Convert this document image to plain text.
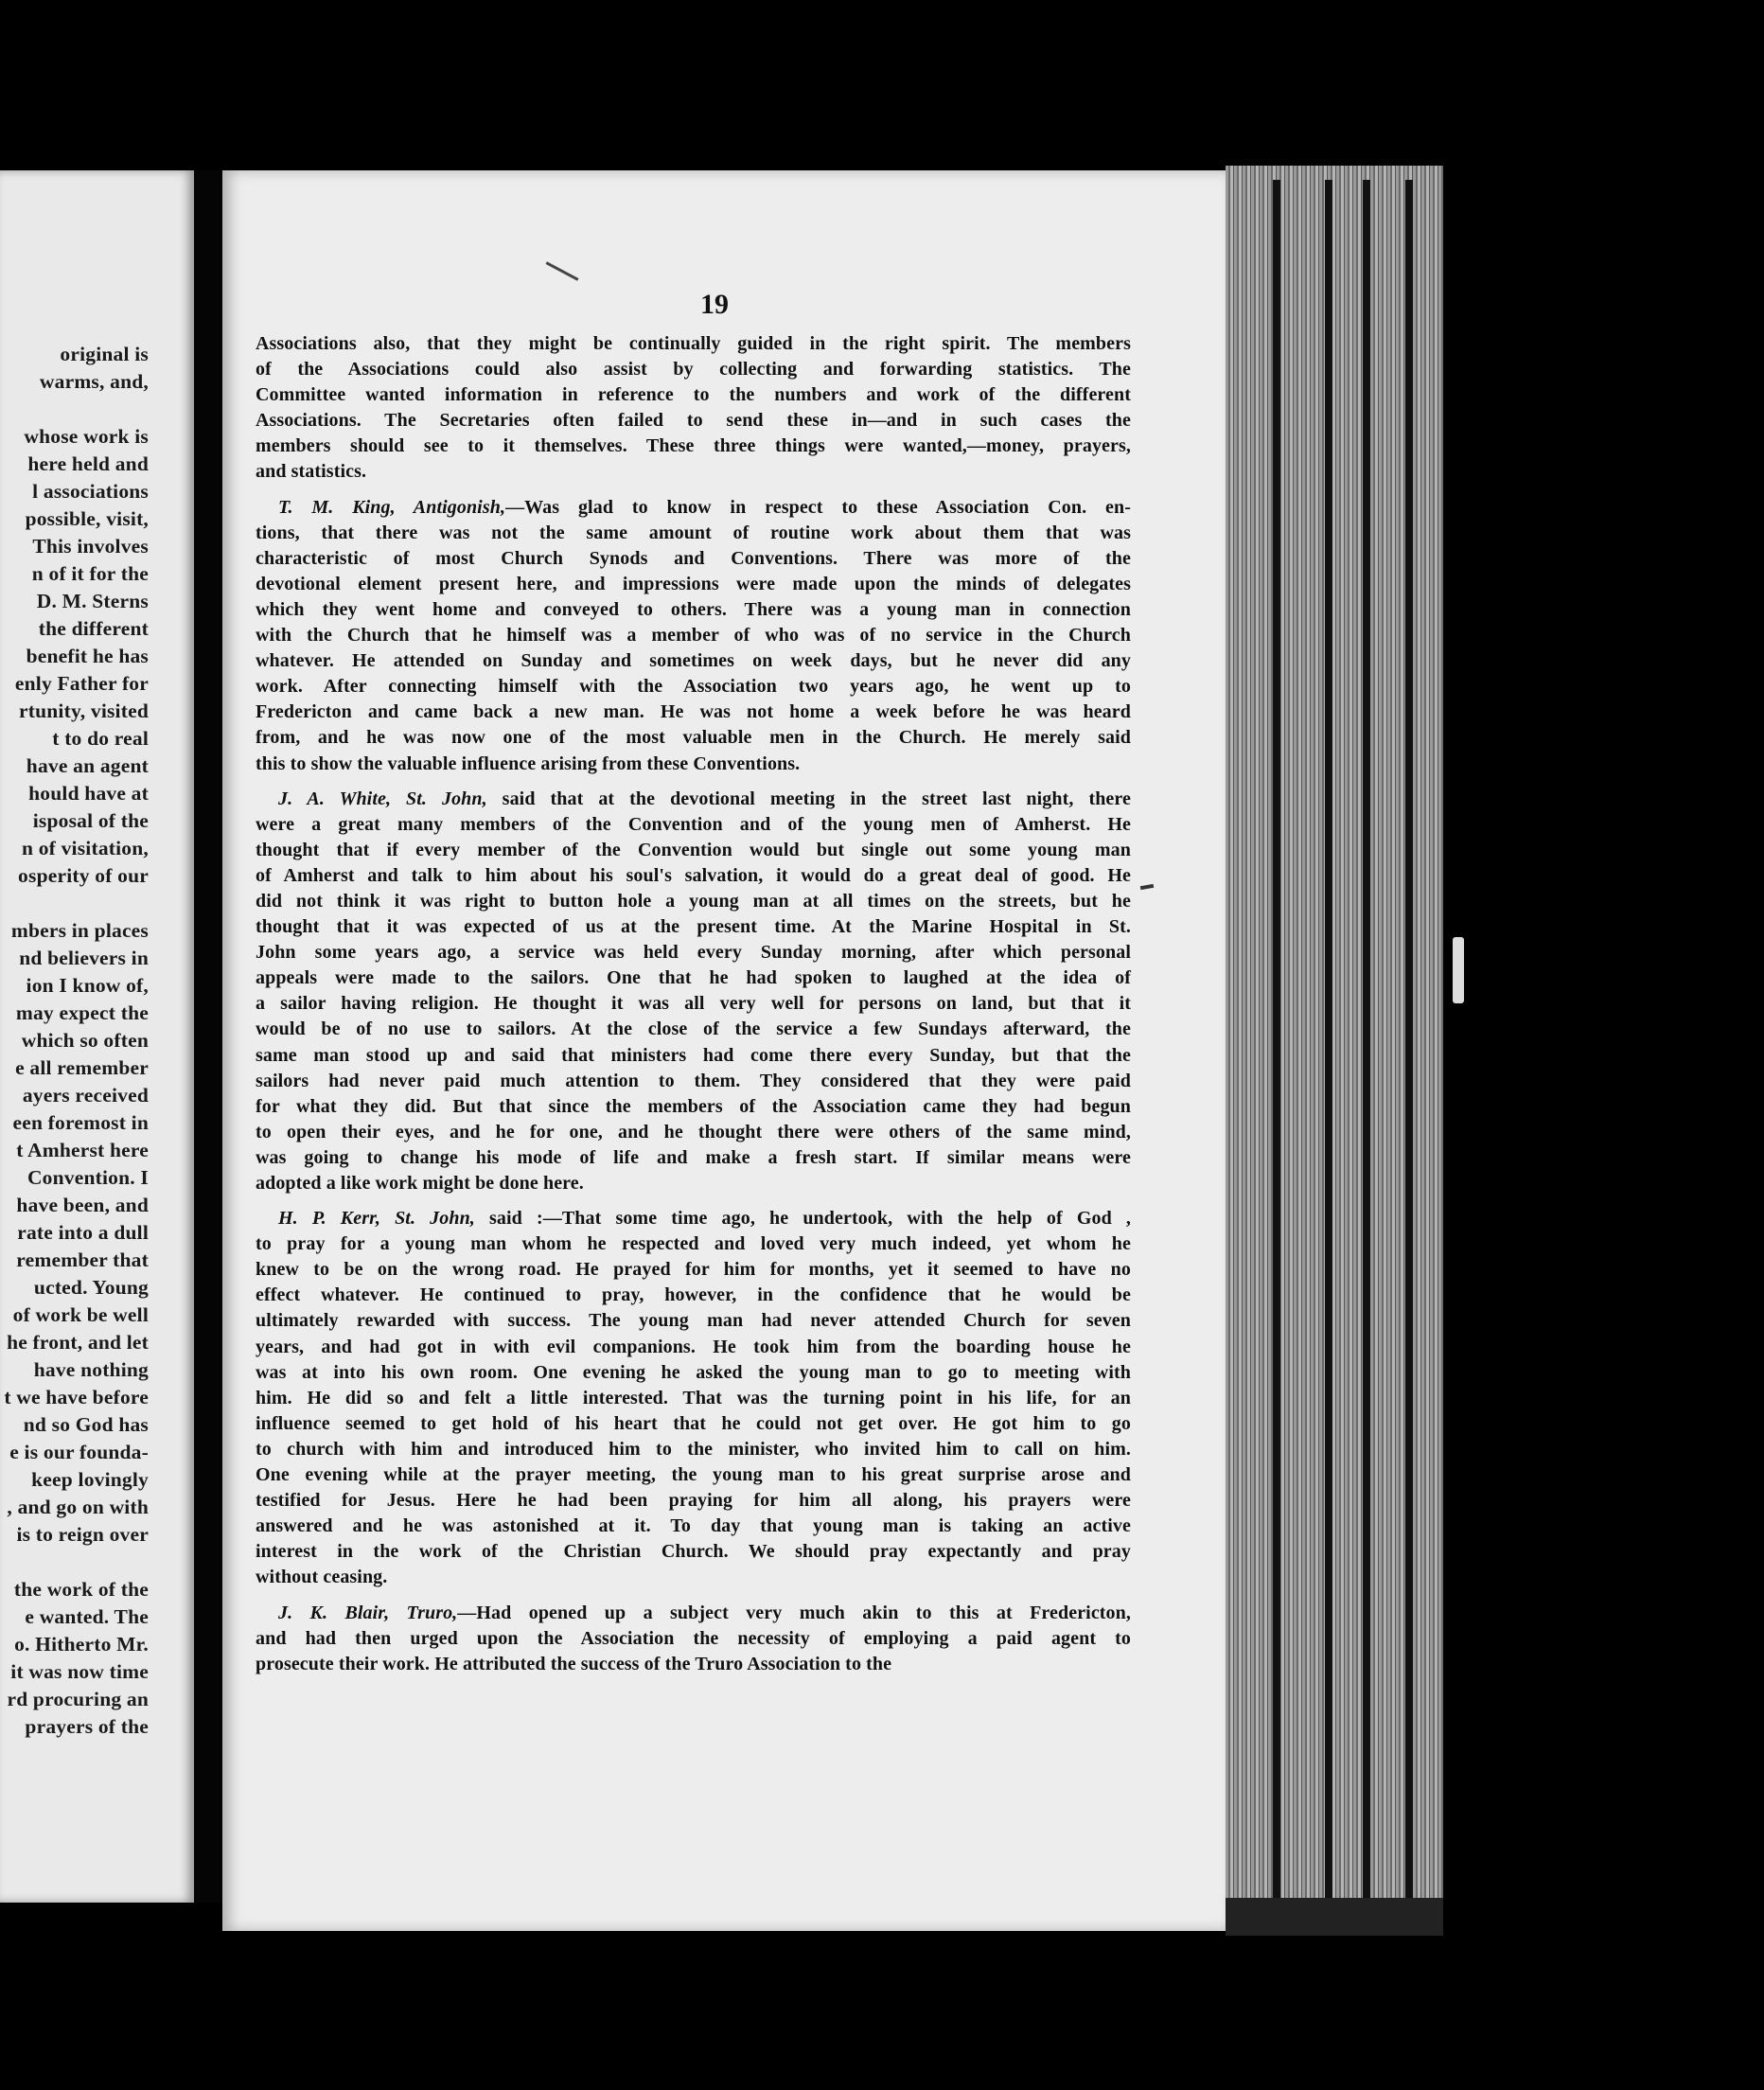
original is
warms, and,
whose work is
here held and
l associations
possible, visit,
This involves
n of it for the
D. M. Sterns
the different
benefit he has
enly Father for
rtunity, visited
t to do real
have an agent
hould have at
isposal of the
n of visitation,
osperity of our
mbers in places
nd believers in
ion I know of,
may expect the
which so often
e all remember
ayers received
een foremost in
t Amherst here
Convention. I
have been, and
rate into a dull
remember that
ucted. Young
of work be well
he front, and let
have nothing
t we have before
nd so God has
e is our founda-
keep lovingly
, and go on with
is to reign over
the work of the
e wanted. The
o. Hitherto Mr.
it was now time
rd procuring an
prayers of the
19
Associations also, that they might be continually guided in the right spirit. The members
of the Associations could also assist by collecting and forwarding statistics. The
Committee wanted information in reference to the numbers and work of the different
Associations. The Secretaries often failed to send these in—and in such cases the
members should see to it themselves. These three things were wanted,—money, prayers,
and statistics.
T. M. King, Antigonish,—Was glad to know in respect to these Association Con. en-
tions, that there was not the same amount of routine work about them that was
characteristic of most Church Synods and Conventions. There was more of the
devotional element present here, and impressions were made upon the minds of delegates
which they went home and conveyed to others. There was a young man in connection
with the Church that he himself was a member of who was of no service in the Church
whatever. He attended on Sunday and sometimes on week days, but he never did any
work. After connecting himself with the Association two years ago, he went up to
Fredericton and came back a new man. He was not home a week before he was heard
from, and he was now one of the most valuable men in the Church. He merely said
this to show the valuable influence arising from these Conventions.
J. A. White, St. John, said that at the devotional meeting in the street last night, there
were a great many members of the Convention and of the young men of Amherst. He
thought that if every member of the Convention would but single out some young man
of Amherst and talk to him about his soul's salvation, it would do a great deal of good. He
did not think it was right to button hole a young man at all times on the streets, but he
thought that it was expected of us at the present time. At the Marine Hospital in St.
John some years ago, a service was held every Sunday morning, after which personal
appeals were made to the sailors. One that he had spoken to laughed at the idea of
a sailor having religion. He thought it was all very well for persons on land, but that it
would be of no use to sailors. At the close of the service a few Sundays afterward, the
same man stood up and said that ministers had come there every Sunday, but that the
sailors had never paid much attention to them. They considered that they were paid
for what they did. But that since the members of the Association came they had begun
to open their eyes, and he for one, and he thought there were others of the same mind,
was going to change his mode of life and make a fresh start. If similar means were
adopted a like work might be done here.
H. P. Kerr, St. John, said :—That some time ago, he undertook, with the help of God ,
to pray for a young man whom he respected and loved very much indeed, yet whom he
knew to be on the wrong road. He prayed for him for months, yet it seemed to have no
effect whatever. He continued to pray, however, in the confidence that he would be
ultimately rewarded with success. The young man had never attended Church for seven
years, and had got in with evil companions. He took him from the boarding house he
was at into his own room. One evening he asked the young man to go to meeting with
him. He did so and felt a little interested. That was the turning point in his life, for an
influence seemed to get hold of his heart that he could not get over. He got him to go
to church with him and introduced him to the minister, who invited him to call on him.
One evening while at the prayer meeting, the young man to his great surprise arose and
testified for Jesus. Here he had been praying for him all along, his prayers were
answered and he was astonished at it. To day that young man is taking an active
interest in the work of the Christian Church. We should pray expectantly and pray
without ceasing.
J. K. Blair, Truro,—Had opened up a subject very much akin to this at Fredericton,
and had then urged upon the Association the necessity of employing a paid agent to
prosecute their work. He attributed the success of the Truro Association to the
